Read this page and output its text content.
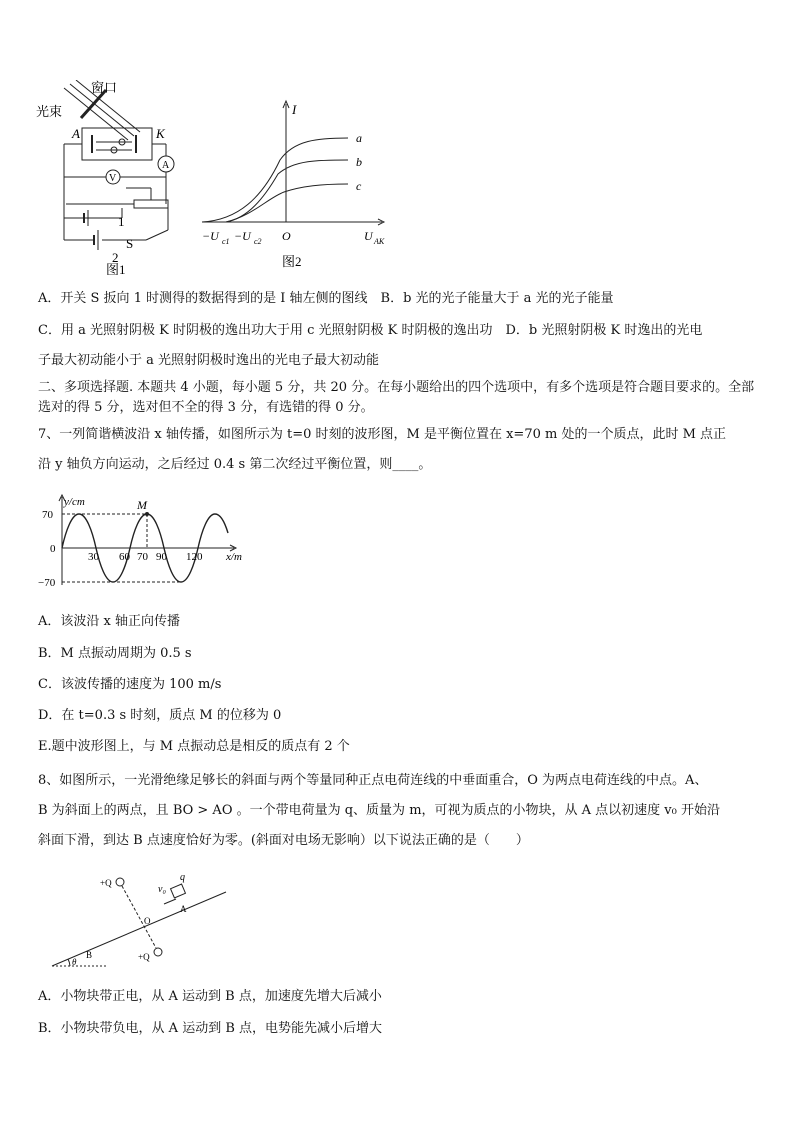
窗口
光束
A	K
A
V
1
2
S
图1
I
a
b
c
−U c1 −U c2 O	U AK
图2
A．开关 S 扳向 1 时测得的数据得到的是 I 轴左侧的图线　 B．b 光的光子能量大于 a 光的光子能量
C．用 a 光照射阴极 K 时阴极的逸出功大于用 c 光照射阴极 K 时阴极的逸出功　 D．b 光照射阴极 K 时逸出的光电
子最大初动能小于 a 光照射阴极时逸出的光电子最大初动能
二、多项选择题. 本题共 4 小题，每小题 5 分，共 20 分。在每小题给出的四个选项中，有多个选项是符合题目要求的。全部选对的得 5 分，选对但不全的得 3 分，有选错的得 0 分。
7、一列简谐横波沿 x 轴传播，如图所示为 t=0 时刻的波形图，M 是平衡位置在 x=70 m 处的一个质点，此时 M 点正
沿 y 轴负方向运动，之后经过 0.4 s 第二次经过平衡位置，则____。
y/cm
70
0
−70
M
30 60 70 90 120 x/m
A．该波沿 x 轴正向传播
B．M 点振动周期为 0.5 s
C．该波传播的速度为 100 m/s
D．在 t=0.3 s 时刻，质点 M 的位移为 0
E.题中波形图上，与 M 点振动总是相反的质点有 2 个
8、如图所示，一光滑绝缘足够长的斜面与两个等量同种正点电荷连线的中垂面重合，O 为两点电荷连线的中点。A、
B 为斜面上的两点，且 BO > AO 。一个带电荷量为 q、质量为 m，可视为质点的小物块，从 A 点以初速度 v₀ 开始沿
斜面下滑，到达 B 点速度恰好为零。(斜面对电场无影响）以下说法正确的是（　　）
+Q
+Q
q
v₀
A
O
B
θ
A．小物块带正电，从 A 运动到 B 点，加速度先增大后减小
B．小物块带负电，从 A 运动到 B 点，电势能先减小后增大
